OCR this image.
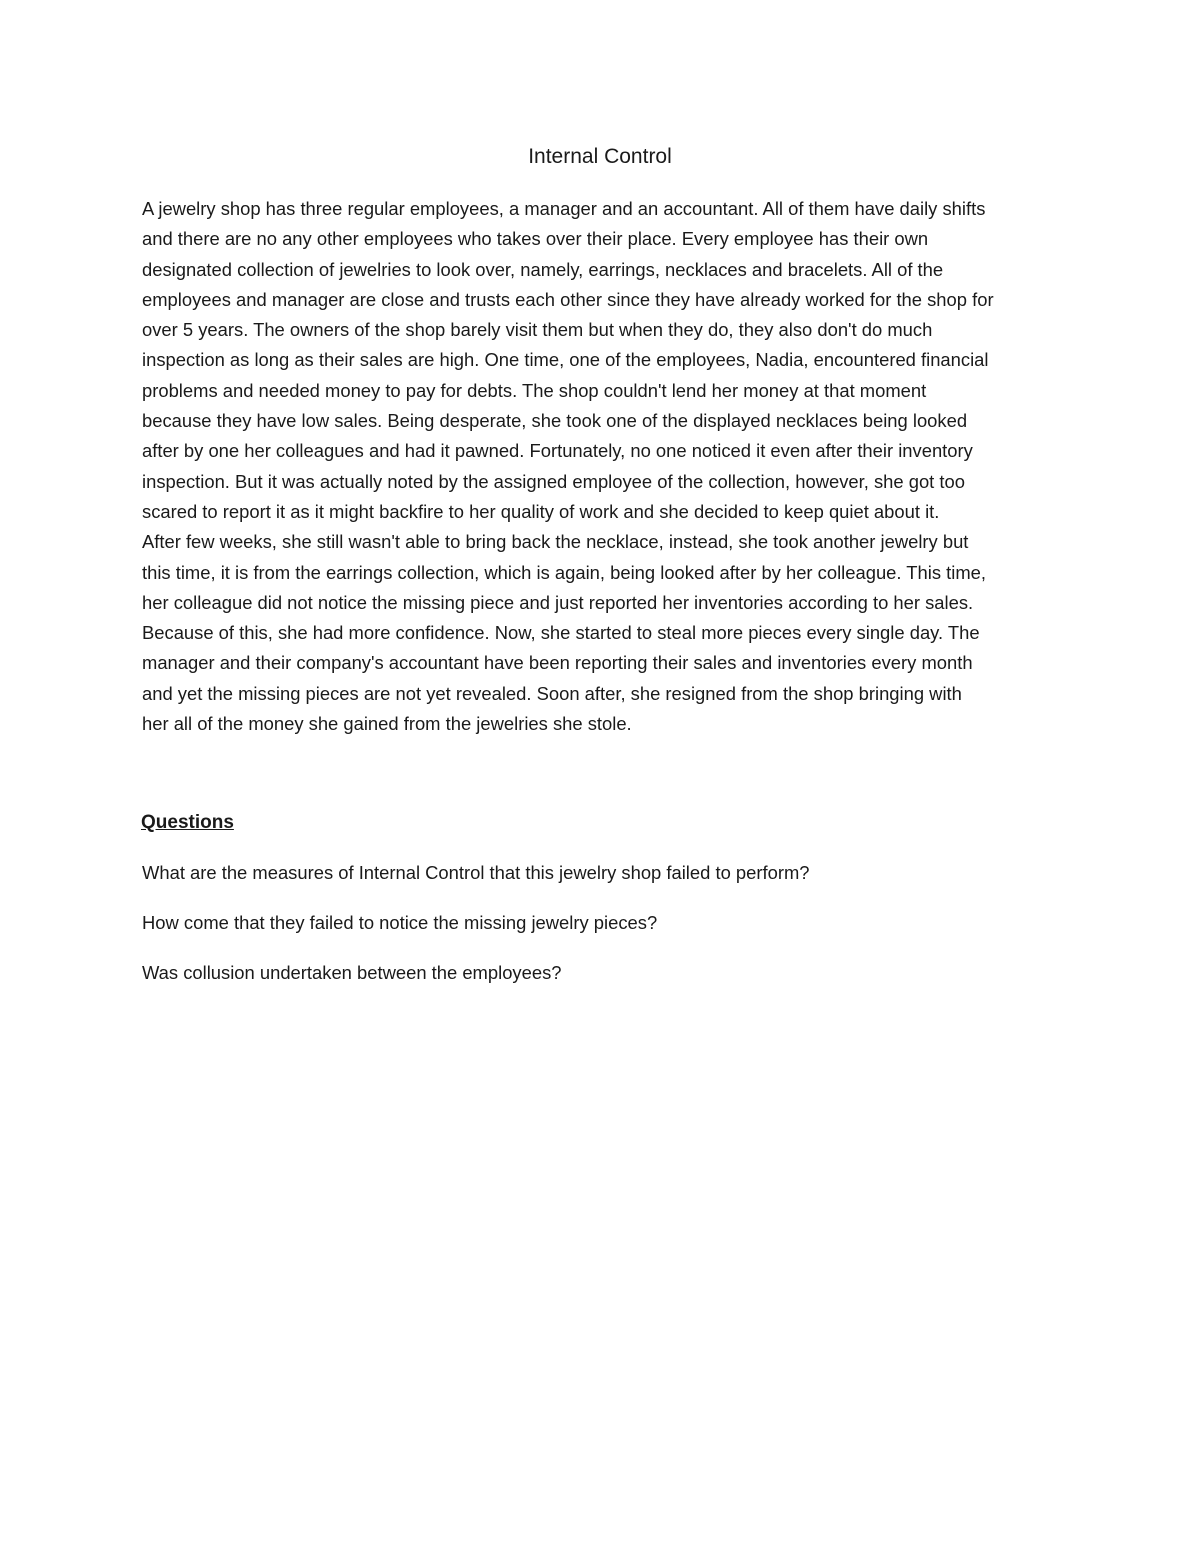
Internal Control

A jewelry shop has three regular employees, a manager and an accountant. All of them have daily shifts
and there are no any other employees who takes over their place. Every employee has their own
designated collection of jewelries to look over, namely, earrings, necklaces and bracelets. All of the
employees and manager are close and trusts each other since they have already worked for the shop for
over 5 years. The owners of the shop barely visit them but when they do, they also don't do much
inspection as long as their sales are high. One time, one of the employees, Nadia, encountered financial
problems and needed money to pay for debts. The shop couldn't lend her money at that moment
because they have low sales. Being desperate, she took one of the displayed necklaces being looked
after by one her colleagues and had it pawned. Fortunately, no one noticed it even after their inventory
inspection. But it was actually noted by the assigned employee of the collection, however, she got too
scared to report it as it might backfire to her quality of work and she decided to keep quiet about it.
After few weeks, she still wasn't able to bring back the necklace, instead, she took another jewelry but
this time, it is from the earrings collection, which is again, being looked after by her colleague. This time,
her colleague did not notice the missing piece and just reported her inventories according to her sales.
Because of this, she had more confidence. Now, she started to steal more pieces every single day. The
manager and their company's accountant have been reporting their sales and inventories every month
and yet the missing pieces are not yet revealed. Soon after, she resigned from the shop bringing with
her all of the money she gained from the jewelries she stole.

Questions

What are the measures of Internal Control that this jewelry shop failed to perform?

How come that they failed to notice the missing jewelry pieces?

Was collusion undertaken between the employees?
